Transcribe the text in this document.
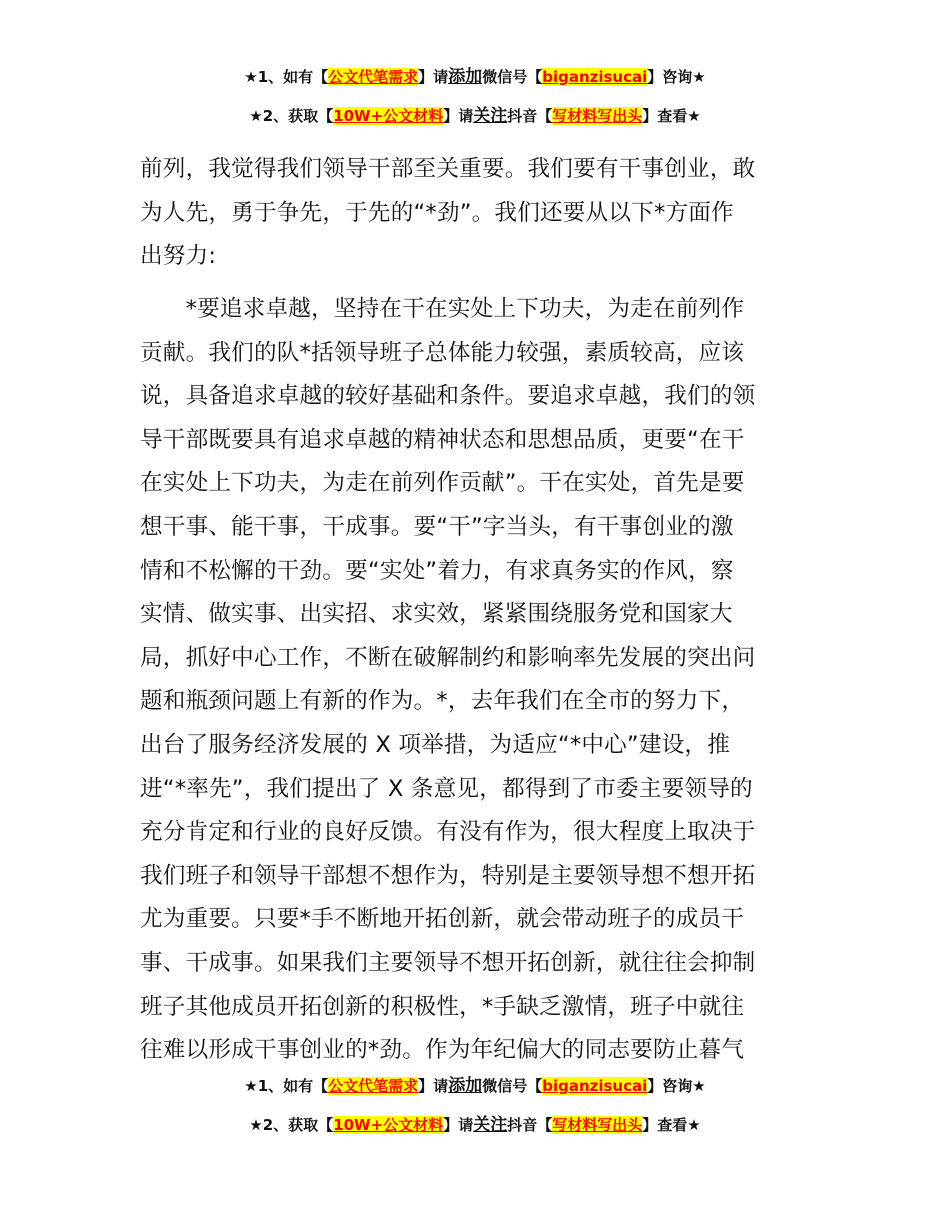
★1、如有【公文代笔需求】请添加微信号【biganzisucai】咨询★
★2、获取【10W+公文材料】请关注抖音【写材料写出头】查看★
前列，我觉得我们领导干部至关重要。我们要有干事创业，敢
为人先，勇于争先，于先的“*劲”。我们还要从以下*方面作
出努力:
　　*要追求卓越，坚持在干在实处上下功夫，为走在前列作
贡献。我们的队*括领导班子总体能力较强，素质较高，应该
说，具备追求卓越的较好基础和条件。要追求卓越，我们的领
导干部既要具有追求卓越的精神状态和思想品质，更要“在干
在实处上下功夫，为走在前列作贡献”。干在实处，首先是要
想干事、能干事，干成事。要“干”字当头，有干事创业的激
情和不松懈的干劲。要“实处”着力，有求真务实的作风，察
实情、做实事、出实招、求实效，紧紧围绕服务党和国家大
局，抓好中心工作，不断在破解制约和影响率先发展的突出问
题和瓶颈问题上有新的作为。*，去年我们在全市的努力下，
出台了服务经济发展的 X 项举措，为适应“*中心”建设，推
进“*率先”，我们提出了 X 条意见，都得到了市委主要领导的
充分肯定和行业的良好反馈。有没有作为，很大程度上取决于
我们班子和领导干部想不想作为，特别是主要领导想不想开拓
尤为重要。只要*手不断地开拓创新，就会带动班子的成员干
事、干成事。如果我们主要领导不想开拓创新，就往往会抑制
班子其他成员开拓创新的积极性，*手缺乏激情，班子中就往
往难以形成干事创业的*劲。作为年纪偏大的同志要防止暮气
★1、如有【公文代笔需求】请添加微信号【biganzisucai】咨询★
★2、获取【10W+公文材料】请关注抖音【写材料写出头】查看★
